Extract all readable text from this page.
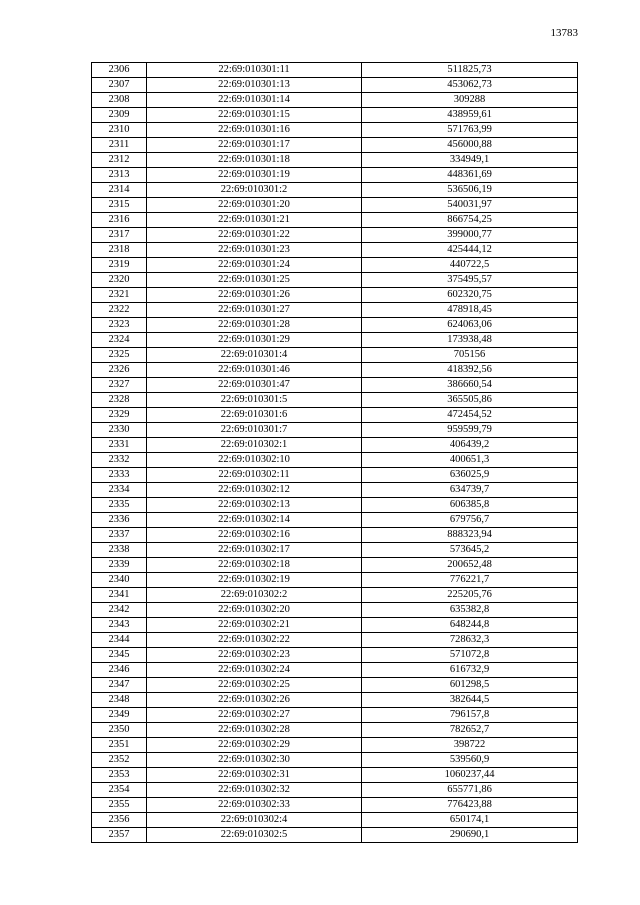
13783
2306	22:69:010301:11	511825,73
2307	22:69:010301:13	453062,73
2308	22:69:010301:14	309288
2309	22:69:010301:15	438959,61
2310	22:69:010301:16	571763,99
2311	22:69:010301:17	456000,88
2312	22:69:010301:18	334949,1
2313	22:69:010301:19	448361,69
2314	22:69:010301:2	536506,19
2315	22:69:010301:20	540031,97
2316	22:69:010301:21	866754,25
2317	22:69:010301:22	399000,77
2318	22:69:010301:23	425444,12
2319	22:69:010301:24	440722,5
2320	22:69:010301:25	375495,57
2321	22:69:010301:26	602320,75
2322	22:69:010301:27	478918,45
2323	22:69:010301:28	624063,06
2324	22:69:010301:29	173938,48
2325	22:69:010301:4	705156
2326	22:69:010301:46	418392,56
2327	22:69:010301:47	386660,54
2328	22:69:010301:5	365505,86
2329	22:69:010301:6	472454,52
2330	22:69:010301:7	959599,79
2331	22:69:010302:1	406439,2
2332	22:69:010302:10	400651,3
2333	22:69:010302:11	636025,9
2334	22:69:010302:12	634739,7
2335	22:69:010302:13	606385,8
2336	22:69:010302:14	679756,7
2337	22:69:010302:16	888323,94
2338	22:69:010302:17	573645,2
2339	22:69:010302:18	200652,48
2340	22:69:010302:19	776221,7
2341	22:69:010302:2	225205,76
2342	22:69:010302:20	635382,8
2343	22:69:010302:21	648244,8
2344	22:69:010302:22	728632,3
2345	22:69:010302:23	571072,8
2346	22:69:010302:24	616732,9
2347	22:69:010302:25	601298,5
2348	22:69:010302:26	382644,5
2349	22:69:010302:27	796157,8
2350	22:69:010302:28	782652,7
2351	22:69:010302:29	398722
2352	22:69:010302:30	539560,9
2353	22:69:010302:31	1060237,44
2354	22:69:010302:32	655771,86
2355	22:69:010302:33	776423,88
2356	22:69:010302:4	650174,1
2357	22:69:010302:5	290690,1
